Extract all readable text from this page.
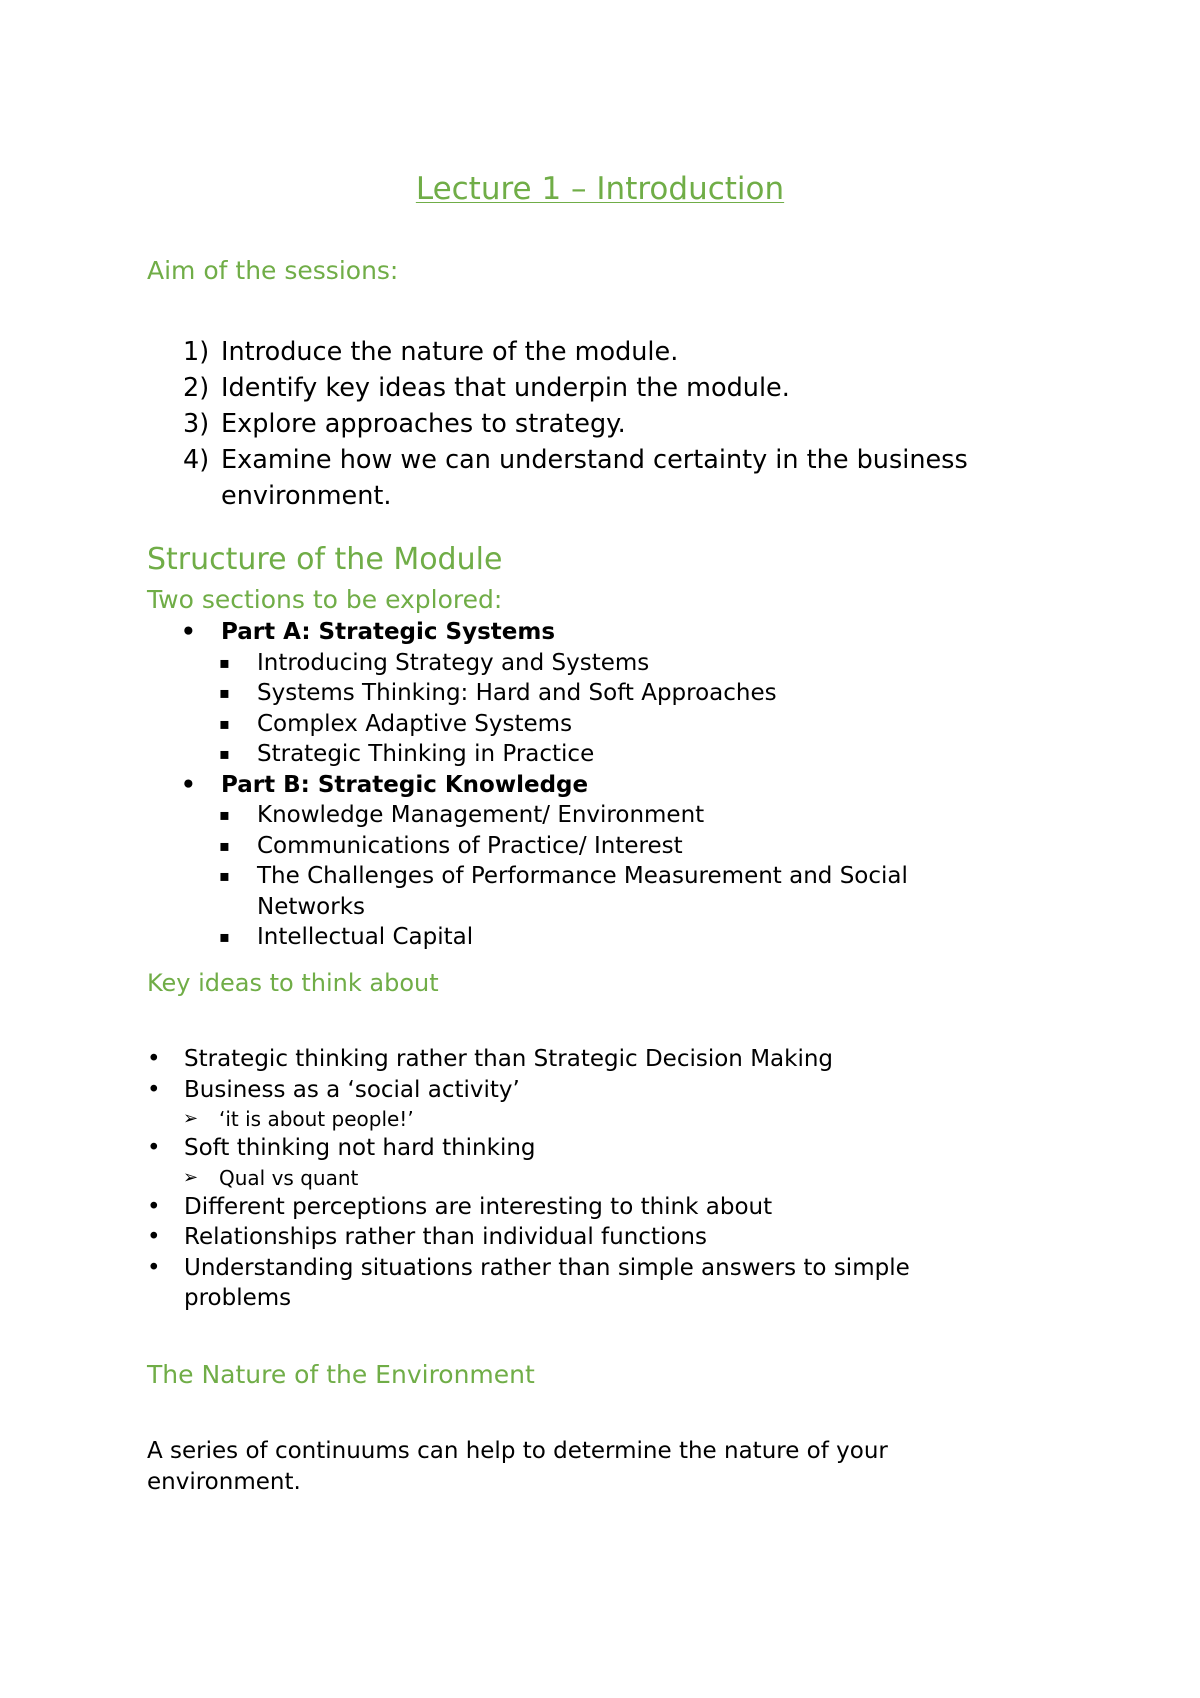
Lecture 1 – Introduction
Aim of the sessions:
1) Introduce the nature of the module.
2) Identify key ideas that underpin the module.
3) Explore approaches to strategy.
4) Examine how we can understand certainty in the business environment.
Structure of the Module
Two sections to be explored:
• Part A: Strategic Systems
▪ Introducing Strategy and Systems
▪ Systems Thinking: Hard and Soft Approaches
▪ Complex Adaptive Systems
▪ Strategic Thinking in Practice
• Part B: Strategic Knowledge
▪ Knowledge Management/ Environment
▪ Communications of Practice/ Interest
▪ The Challenges of Performance Measurement and Social Networks
▪ Intellectual Capital
Key ideas to think about
• Strategic thinking rather than Strategic Decision Making
• Business as a ‘social activity’
➢ ‘it is about people!’
• Soft thinking not hard thinking
➢ Qual vs quant
• Different perceptions are interesting to think about
• Relationships rather than individual functions
• Understanding situations rather than simple answers to simple problems
The Nature of the Environment

A series of continuums can help to determine the nature of your environment.
